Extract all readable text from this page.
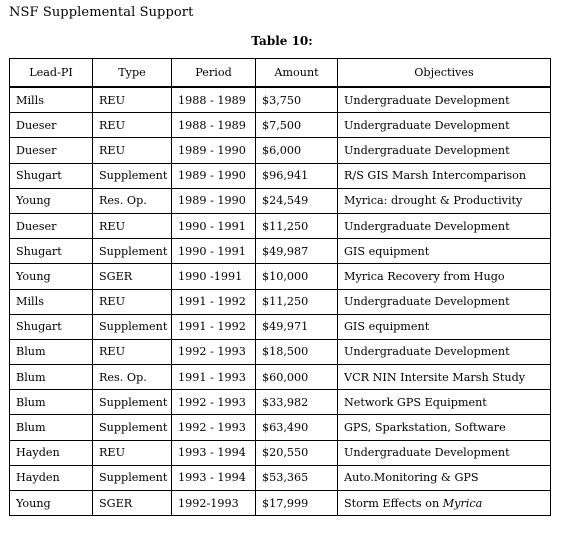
NSF Supplemental Support
Table 10:
Lead-PI	Type	Period	Amount	Objectives
Mills	REU	1988 - 1989	$3,750	Undergraduate Development
Dueser	REU	1988 - 1989	$7,500	Undergraduate Development
Dueser	REU	1989 - 1990	$6,000	Undergraduate Development
Shugart	Supplement	1989 - 1990	$96,941	R/S GIS Marsh Intercomparison
Young	Res. Op.	1989 - 1990	$24,549	Myrica: drought & Productivity
Dueser	REU	1990 - 1991	$11,250	Undergraduate Development
Shugart	Supplement	1990 - 1991	$49,987	GIS equipment
Young	SGER	1990 -1991	$10,000	Myrica Recovery from Hugo
Mills	REU	1991 - 1992	$11,250	Undergraduate Development
Shugart	Supplement	1991 - 1992	$49,971	GIS equipment
Blum	REU	1992 - 1993	$18,500	Undergraduate Development
Blum	Res. Op.	1991 - 1993	$60,000	VCR NIN Intersite Marsh Study
Blum	Supplement	1992 - 1993	$33,982	Network GPS Equipment
Blum	Supplement	1992 - 1993	$63,490	GPS, Sparkstation, Software
Hayden	REU	1993 - 1994	$20,550	Undergraduate Development
Hayden	Supplement	1993 - 1994	$53,365	Auto.Monitoring & GPS
Young	SGER	1992-1993	$17,999	Storm Effects on Myrica
